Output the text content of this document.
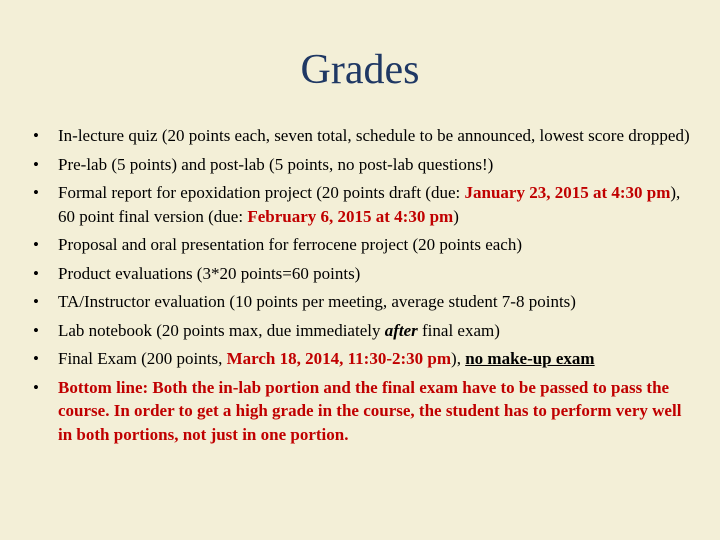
Grades
• In-lecture quiz (20 points each, seven total, schedule to be announced, lowest score dropped)
• Pre-lab (5 points) and post-lab (5 points, no post-lab questions!)
• Formal report for epoxidation project (20 points draft (due: January 23, 2015 at 4:30 pm), 60 point final version (due: February 6, 2015 at 4:30 pm)
• Proposal and oral presentation for ferrocene project (20 points each)
• Product evaluations (3*20 points=60 points)
• TA/Instructor evaluation (10 points per meeting, average student 7-8 points)
• Lab notebook (20 points max, due immediately after final exam)
• Final Exam (200 points, March 18, 2014, 11:30-2:30 pm), no make-up exam
• Bottom line: Both the in-lab portion and the final exam have to be passed to pass the course. In order to get a high grade in the course, the student has to perform very well in both portions, not just in one portion.
